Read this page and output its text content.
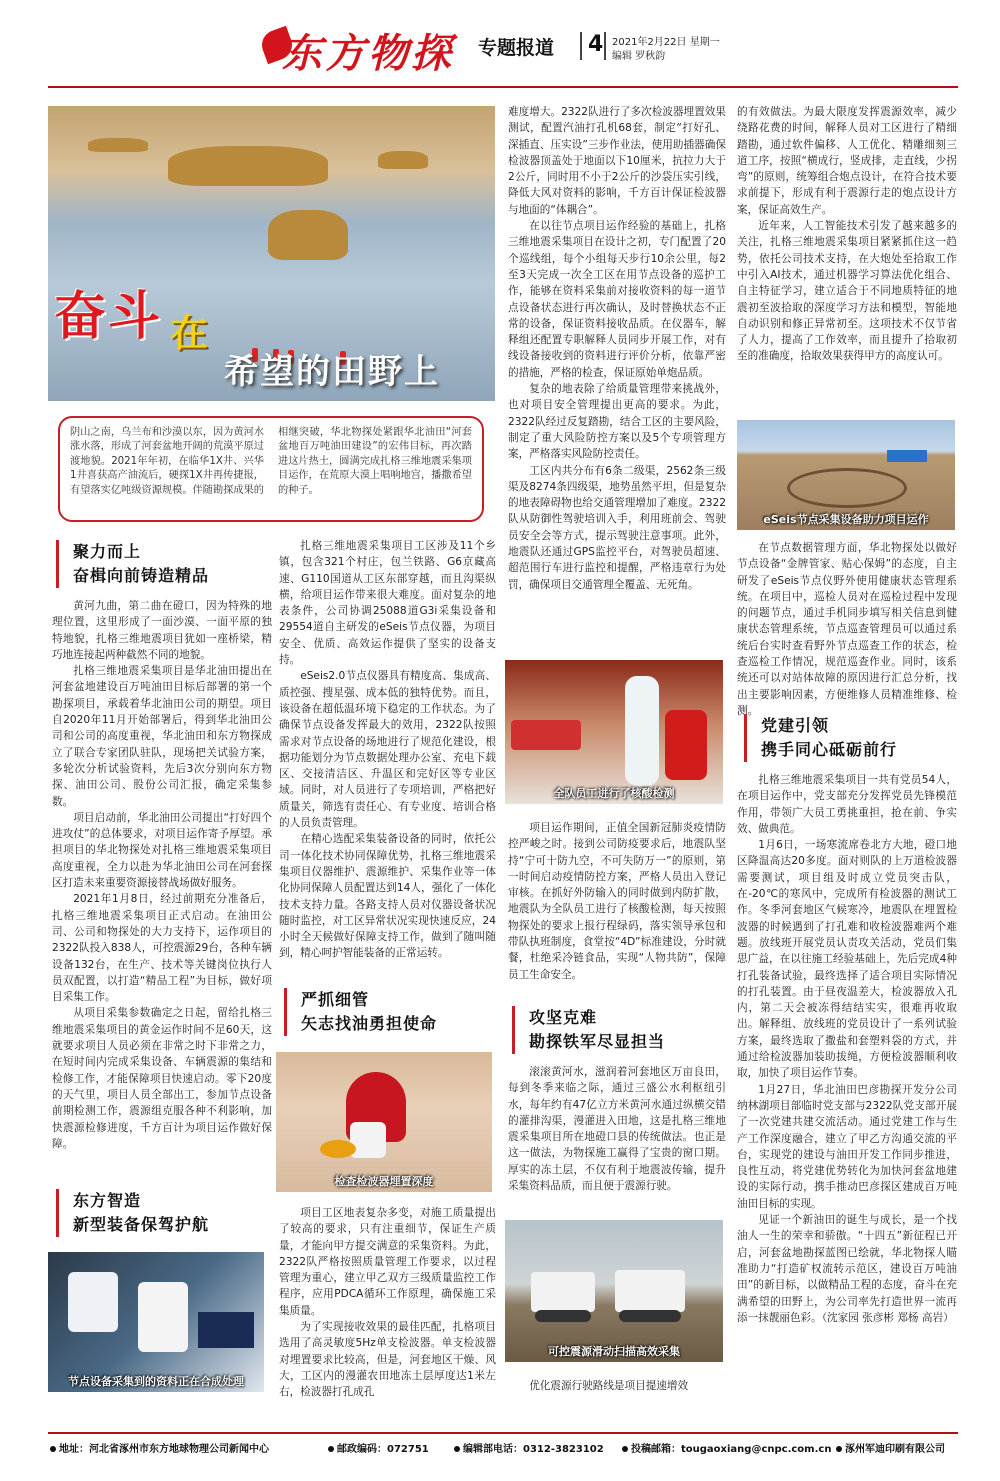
东方物探 专题报道 4 2021年2月22日 星期一
编辑 罗秋韵
奋斗 在
希望的田野上
阴山之南，乌兰布和沙漠以东，因为黄河水涨水落，形成了河套盆地开阔的荒漠平原过渡地貌。2021年年初，在临华1X井、兴华1井喜获高产油流后，硬探1X井再传捷报，有望落实亿吨级资源规模。伴随勘探成果的相继突破，华北物探处紧跟华北油田“河套盆地百万吨油田建设”的宏伟目标，再次踏进这片热土，圆满完成扎格三维地震采集项目运作，在荒原大漠上唱响地宫，播撒希望的种子。
聚力而上
奋楫向前铸造精品

黄河九曲，第二曲在磴口，因为特殊的地理位置，这里形成了一面沙漠、一面平原的独特地貌，扎格三维地震项目犹如一座桥梁，精巧地连接起两种截然不同的地貌。

扎格三维地震采集项目是华北油田提出在河套盆地建设百万吨油田目标后部署的第一个勘探项目，承载着华北油田公司的期望。项目自2020年11月开始部署后，得到华北油田公司和公司的高度重视，华北油田和东方物探成立了联合专家团队驻队，现场把关试验方案，多轮次分析试验资料，先后3次分别向东方物探、油田公司、股份公司汇报，确定采集参数。

项目启动前，华北油田公司提出“打好四个进攻仗”的总体要求，对项目运作寄予厚望。承担项目的华北物探处对扎格三维地震采集项目高度重视，全力以赴为华北油田公司在河套探区打造未来重要资源接替战场做好服务。

2021年1月8日，经过前期充分准备后，扎格三维地震采集项目正式启动。在油田公司、公司和物探处的大力支持下，运作项目的2322队投入838人，可控震源29台，各种车辆设备132台，在生产、技术等关键岗位执行人员双配置，以打造“精品工程”为目标，做好项目采集工作。

从项目采集参数确定之日起，留给扎格三维地震采集项目的黄金运作时间不足60天，这就要求项目人员必须在非常之时下非常之力，在短时间内完成采集设备、车辆震源的集结和检修工作，才能保障项目快速启动。零下20度的天气里，项目人员全部出工，参加节点设备前期检测工作，震源组克服各种不利影响，加快震源检修进度，千方百计为项目运作做好保障。

东方智造
新型装备保驾护航
节点设备采集到的资料正在合成处理

扎格三维地震采集项目工区涉及11个乡镇，包含321个村庄，包兰铁路、G6京藏高速、G110国道从工区东部穿越，而且沟渠纵横，给项目运作带来很大难度。面对复杂的地表条件，公司协调25088道G3i采集设备和29554道自主研发的eSeis节点仪器，为项目安全、优质、高效运作提供了坚实的设备支持。

eSeis2.0节点仪器具有精度高、集成高、质控强、搜星强、成本低的独特优势。而且，该设备在超低温环境下稳定的工作状态。为了确保节点设备发挥最大的效用，2322队按照需求对节点设备的场地进行了规范化建设，根据功能划分为节点数据处理办公室、充电下载区、交接清洁区、升温区和完好区等专业区域。同时，对人员进行了专项培训，严格把好质量关，筛选有责任心、有专业度、培训合格的人员负责管理。

在精心选配采集装备设备的同时，依托公司一体化技术协同保障优势，扎格三维地震采集项目仪器维护、震源维护、采集作业等一体化协同保障人员配置达到14人，强化了一体化技术支持力量。各路支持人员对仪器设备状况随时监控，对工区异常状况实现快速反应，24小时全天候做好保障支持工作，做到了随叫随到，精心呵护智能装备的正常运转。

严抓细管
矢志找油勇担使命
检查检波器埋置深度

项目工区地表复杂多变，对施工质量提出了较高的要求，只有注重细节，保证生产质量，才能向甲方提交满意的采集资料。为此，2322队严格按照质量管理工作要求，以过程管理为重心，建立甲乙双方三级质量监控工作程序，应用PDCA循环工作原理，确保施工采集质量。

为了实现接收效果的最佳匹配，扎格项目选用了高灵敏度5Hz单支检波器。单支检波器对埋置要求比较高，但是，河套地区干燥、风大，工区内的漫灌农田地冻土层厚度达1米左右，检波器打孔成孔

难度增大。2322队进行了多次检波器埋置效果测试，配置汽油打孔机68套，制定“打好孔、深插直、压实设”三步作业法，使用助插器确保检波器顶盖处于地面以下10厘米，抗拉力大于2公斤，同时用不小于2公斤的沙袋压实引线，降低大风对资料的影响，千方百计保证检波器与地面的“体耦合”。

在以往节点项目运作经验的基础上，扎格三维地震采集项目在设计之初，专门配置了20个巡线组，每个小组每天步行10余公里，每2至3天完成一次全工区在用节点设备的巡护工作，能够在资料采集前对接收资料的每一道节点设备状态进行再次确认，及时替换状态不正常的设备，保证资料接收品质。在仪器车，解释组还配置专职解释人员同步开展工作，对有线设备接收到的资料进行评价分析，依靠严密的措施，严格的检查，保证原始单炮品质。

复杂的地表除了给质量管理带来挑战外，也对项目安全管理提出更高的要求。为此，2322队经过反复踏勘，结合工区的主要风险，制定了重大风险防控方案以及5个专项管理方案，严格落实风险防控责任。

工区内共分布有6条二级渠，2562条三级渠及8274条四级渠，地势虽然平坦，但是复杂的地表障碍物也给交通管理增加了难度。2322队从防御性驾驶培训入手，利用班前会、驾驶员安全会等方式，提示驾驶注意事项。此外，地震队还通过GPS监控平台，对驾驶员超速、超范围行车进行监控和提醒，严格违章行为处罚，确保项目交通管理全覆盖、无死角。

全队员工进行了核酸检测

项目运作期间，正值全国新冠肺炎疫情防控严峻之时。接到公司防疫要求后，地震队坚持“宁可十防九空，不可失防万一”的原则，第一时间启动疫情防控方案，严格人员出入登记审核。在抓好外防输入的同时做到内防扩散，地震队为全队员工进行了核酸检测，每天按照物探处的要求上报行程绿码，落实领导承包和带队执班制度，食堂按“4D”标准建设，分时就餐，杜绝采冷链食品，实现“人物共防”，保障员工生命安全。

攻坚克难
勘探铁军尽显担当

滚滚黄河水，滋润着河套地区万亩良田，每到冬季来临之际，通过三盛公水利枢纽引水，每年约有47亿立方米黄河水通过纵横交错的灌排沟渠，漫灌进入田地，这是扎格三维地震采集项目所在地磴口县的传统做法。也正是这一做法，为物探施工赢得了宝贵的窗口期。厚实的冻土层，不仅有利于地震波传输，提升采集资料品质，而且便于震源行驶。

可控震源滑动扫描高效采集

优化震源行驶路线是项目提速增效

的有效做法。为最大限度发挥震源效率，减少绕路花费的时间，解释人员对工区进行了精细踏勘，通过软件偏移、人工优化、精雕细刻三道工序，按照“横成行，竖成排，走直线，少拐弯”的原则，统筹组合炮点设计，在符合技术要求前提下，形成有利于震源行走的炮点设计方案，保证高效生产。

近年来，人工智能技术引发了越来越多的关注，扎格三维地震采集项目紧紧抓住这一趋势，依托公司技术支持，在大炮处至拾取工作中引入AI技术，通过机器学习算法优化组合、自主特征学习，建立适合于不同地质特征的地震初至波拾取的深度学习方法和模型，智能地自动识别和修正异常初至。这项技术不仅节省了人力，提高了工作效率，而且提升了拾取初至的准确度，拾取效果获得甲方的高度认可。

eSeis节点采集设备助力项目运作

在节点数据管理方面，华北物探处以做好节点设备“金牌管家、贴心保姆”的态度，自主研发了eSeis节点仪野外使用健康状态管理系统。在项目中，巡检人员对在巡检过程中发现的问题节点，通过手机同步填写相关信息到健康状态管理系统，节点巡查管理员可以通过系统后台实时查看野外节点巡查工作的状态，检查巡检工作情况，规范巡查作业。同时，该系统还可以对站体故障的原因进行汇总分析，找出主要影响因素，方便维修人员精准维修、检测。

党建引领
携手同心砥砺前行

扎格三维地震采集项目一共有党员54人，在项目运作中，党支部充分发挥党员先锋模范作用，带领广大员工勇挑重担，抢在前、争实效、做典范。

1月6日，一场寒流席卷北方大地，磴口地区降温高达20多度。面对则队的上万道检波器需要测试，项目组及时成立党员突击队，在-20℃的寒风中，完成所有检波器的测试工作。冬季河套地区气候寒冷，地震队在埋置检波器的时候遇到了打孔难和收检波器难两个难题。放线班开展党员认责攻关活动，党员们集思广益，在以往施工经验基础上，先后完成4种打孔装备试验，最终选择了适合项目实际情况的打孔装置。由于昼夜温差大，检波器放入孔内，第二天会被冻得结结实实，很难再收取出。解释组、放线班的党员设计了一系列试验方案，最终选取了撒盐和套塑料袋的方式，并通过给检波器加装助拔绳，方便检波器顺利收取，加快了项目运作节奏。

1月27日，华北油田巴彦勘探开发分公司纳林湖项目部临时党支部与2322队党支部开展了一次党建共建交流活动。通过党建工作与生产工作深度融合，建立了甲乙方沟通交流的平台，实现党的建设与油田开发工作同步推进，良性互动，将党建优势转化为加快河套盆地建设的实际行动，携手推动巴彦探区建成百万吨油田目标的实现。

见证一个新油田的诞生与成长，是一个找油人一生的荣幸和骄傲。“十四五”新征程已开启，河套盆地勘探蓝图已绘就，华北物探人瞄准助力“打造矿权流转示范区，建设百万吨油田”的新目标，以做精品工程的态度，奋斗在充满希望的田野上，为公司率先打造世界一流再添一抹靓丽色彩。（沈家园 张彦彬 郑杨 高岩）

地址：河北省涿州市东方地球物理公司新闻中心	邮政编码：072751	编辑部电话：0312-3823102	投稿邮箱：tougaoxiang@cnpc.com.cn	涿州军迪印刷有限公司
